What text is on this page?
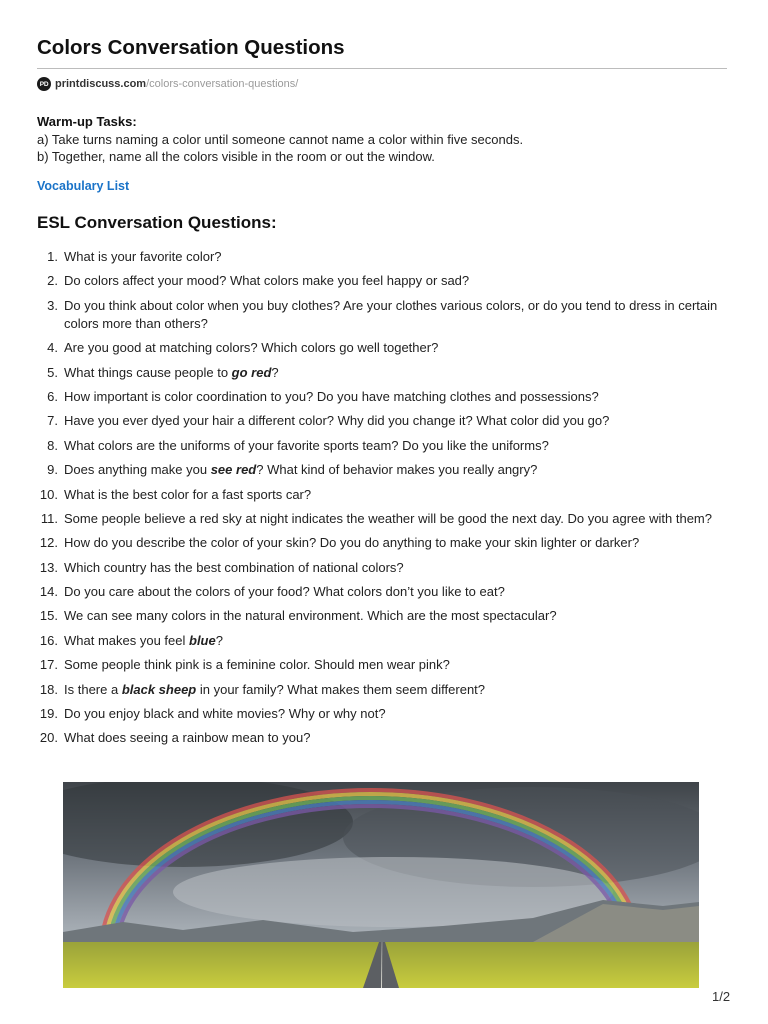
Colors Conversation Questions
PD printdiscuss.com/colors-conversation-questions/
Warm-up Tasks:
a) Take turns naming a color until someone cannot name a color within five seconds.
b) Together, name all the colors visible in the room or out the window.
Vocabulary List
ESL Conversation Questions:
1. What is your favorite color?
2. Do colors affect your mood? What colors make you feel happy or sad?
3. Do you think about color when you buy clothes? Are your clothes various colors, or do you tend to dress in certain colors more than others?
4. Are you good at matching colors? Which colors go well together?
5. What things cause people to go red?
6. How important is color coordination to you? Do you have matching clothes and possessions?
7. Have you ever dyed your hair a different color? Why did you change it? What color did you go?
8. What colors are the uniforms of your favorite sports team? Do you like the uniforms?
9. Does anything make you see red? What kind of behavior makes you really angry?
10. What is the best color for a fast sports car?
11. Some people believe a red sky at night indicates the weather will be good the next day. Do you agree with them?
12. How do you describe the color of your skin? Do you do anything to make your skin lighter or darker?
13. Which country has the best combination of national colors?
14. Do you care about the colors of your food? What colors don’t you like to eat?
15. We can see many colors in the natural environment. Which are the most spectacular?
16. What makes you feel blue?
17. Some people think pink is a feminine color. Should men wear pink?
18. Is there a black sheep in your family? What makes them seem different?
19. Do you enjoy black and white movies? Why or why not?
20. What does seeing a rainbow mean to you?
1/2
